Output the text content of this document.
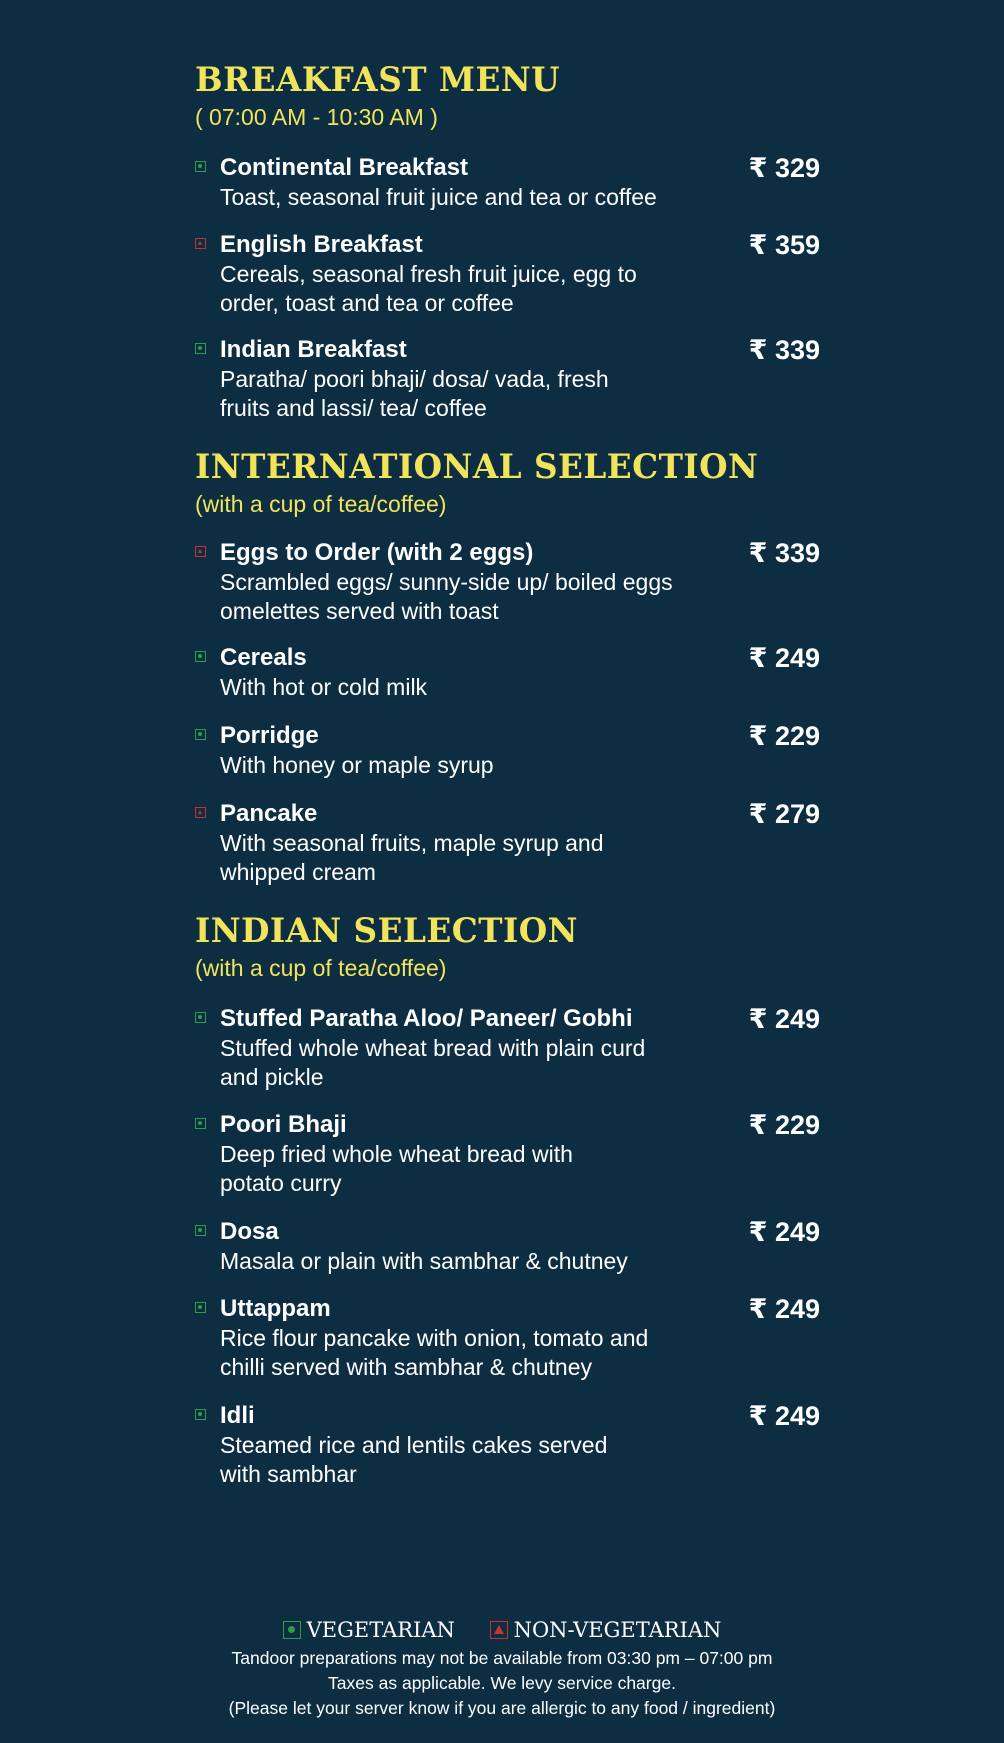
BREAKFAST MENU

( 07:00 AM - 10:30 AM )

Continental Breakfast	₹ 329
Toast, seasonal fruit juice and tea or coffee
English Breakfast	₹ 359
Cereals, seasonal fresh fruit juice, egg to order, toast and tea or coffee
Indian Breakfast	₹ 339
Paratha/ poori bhaji/ dosa/ vada, fresh fruits and lassi/ tea/ coffee
INTERNATIONAL SELECTION

(with a cup of tea/coffee)

Eggs to Order (with 2 eggs)	₹ 339
Scrambled eggs/ sunny-side up/ boiled eggs omelettes served with toast
Cereals	₹ 249
With hot or cold milk
Porridge	₹ 229
With honey or maple syrup
Pancake	₹ 279
With seasonal fruits, maple syrup and whipped cream
INDIAN SELECTION

(with a cup of tea/coffee)

Stuffed Paratha Aloo/ Paneer/ Gobhi	₹ 249
Stuffed whole wheat bread with plain curd and pickle
Poori Bhaji	₹ 229
Deep fried whole wheat bread with potato curry
Dosa	₹ 249
Masala or plain with sambhar & chutney
Uttappam	₹ 249
Rice flour pancake with onion, tomato and chilli served with sambhar & chutney
Idli	₹ 249
Steamed rice and lentils cakes served with sambhar
VEGETARIAN
	NON-VEGETARIAN
Tandoor preparations may not be available from 03:30 pm – 07:00 pm
Taxes as applicable. We levy service charge.
(Please let your server know if you are allergic to any food / ingredient)
